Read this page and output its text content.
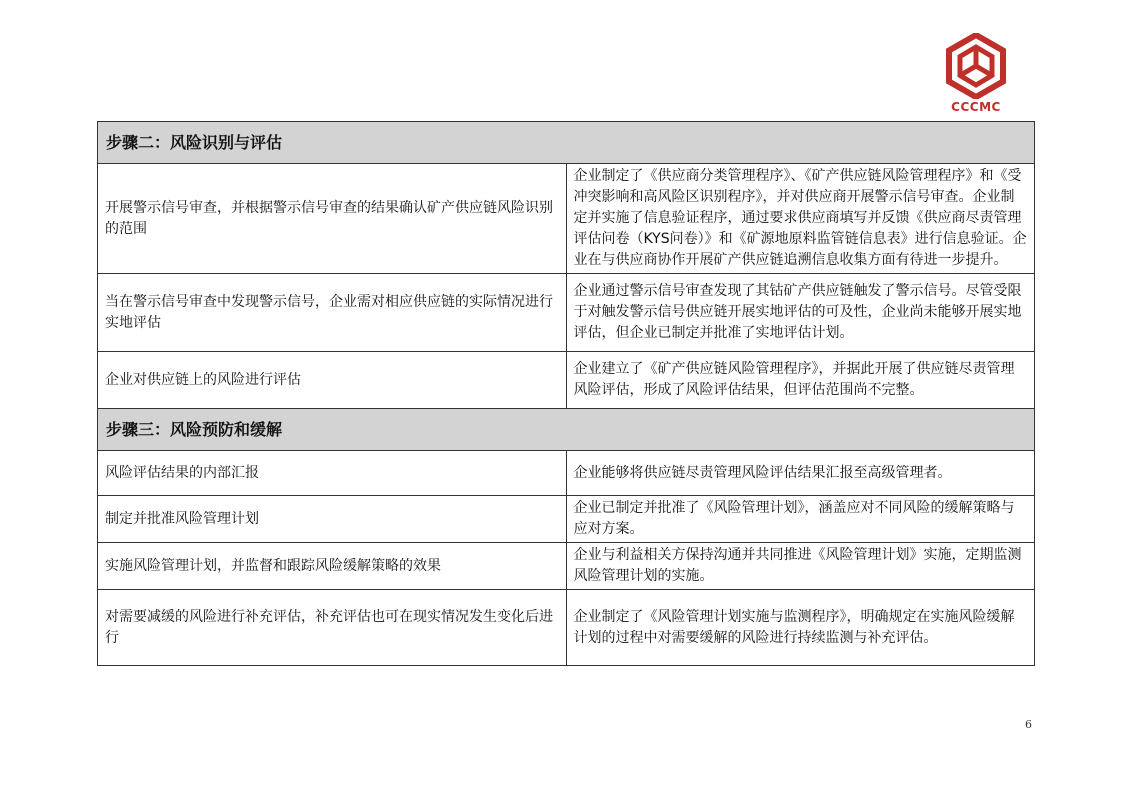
CCCMC
步骤二：风险识别与评估	
开展警示信号审查，并根据警示信号审查的结果确认矿产供应链风险识别的范围	企业制定了《供应商分类管理程序》、《矿产供应链风险管理程序》和《受冲突影响和高风险区识别程序》，并对供应商开展警示信号审查。企业制定并实施了信息验证程序，通过要求供应商填写并反馈《供应商尽责管理评估问卷（KYS问卷）》和《矿源地原料监管链信息表》进行信息验证。企业在与供应商协作开展矿产供应链追溯信息收集方面有待进一步提升。
当在警示信号审查中发现警示信号，企业需对相应供应链的实际情况进行实地评估	企业通过警示信号审查发现了其钴矿产供应链触发了警示信号。尽管受限于对触发警示信号供应链开展实地评估的可及性，企业尚未能够开展实地评估，但企业已制定并批准了实地评估计划。
企业对供应链上的风险进行评估	企业建立了《矿产供应链风险管理程序》，并据此开展了供应链尽责管理风险评估，形成了风险评估结果，但评估范围尚不完整。
步骤三：风险预防和缓解	
风险评估结果的内部汇报	企业能够将供应链尽责管理风险评估结果汇报至高级管理者。
制定并批准风险管理计划	企业已制定并批准了《风险管理计划》，涵盖应对不同风险的缓解策略与应对方案。
实施风险管理计划，并监督和跟踪风险缓解策略的效果	企业与利益相关方保持沟通并共同推进《风险管理计划》实施，定期监测风险管理计划的实施。
对需要减缓的风险进行补充评估，补充评估也可在现实情况发生变化后进行	企业制定了《风险管理计划实施与监测程序》，明确规定在实施风险缓解计划的过程中对需要缓解的风险进行持续监测与补充评估。
6
